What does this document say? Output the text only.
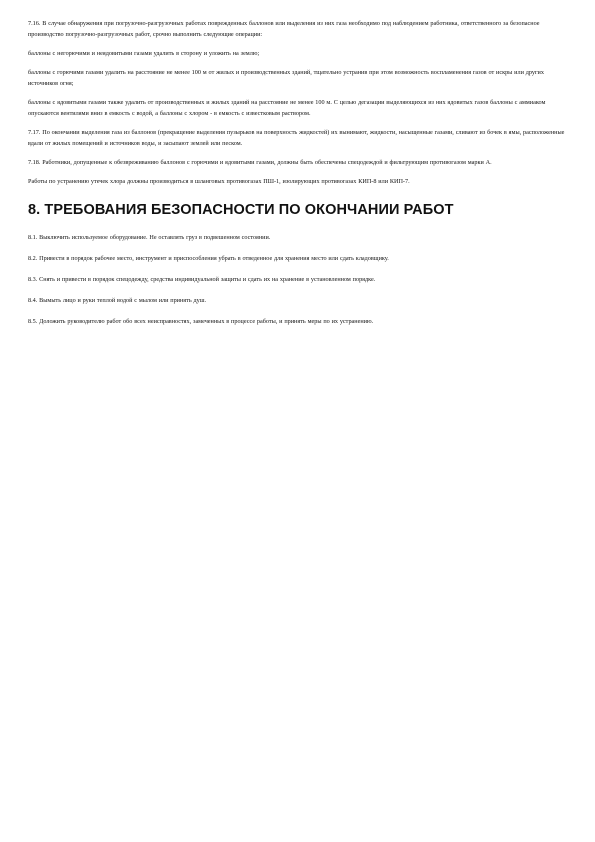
7.16. В случае обнаружения при погрузочно-разгрузочных работах поврежденных баллонов или выделения из них газа необходимо под наблюдением работника, ответственного за безопасное производство погрузочно-разгрузочных работ, срочно выполнить следующие операции:

баллоны с негорючими и неядовитыми газами удалить в сторону и уложить на землю;

баллоны с горючими газами удалить на расстояние не менее 100 м от жилых и производственных зданий, тщательно устранив при этом возможность воспламенения газов от искры или других источников огня;

баллоны с ядовитыми газами также удалить от производственных и жилых зданий на расстояние не менее 100 м. С целью дегазации выделяющихся из них ядовитых газов баллоны с аммиаком опускаются вентилями вниз в емкость с водой, а баллоны с хлором - в емкость с известковым раствором.

7.17. По окончании выделения газа из баллонов (прекращение выделения пузырьков на поверхность жидкостей) их вынимают, жидкости, насыщенные газами, сливают из бочек в ямы, расположенные вдали от жилых помещений и источников воды, и засыпают землей или песком.

7.18. Работники, допущенные к обезвреживанию баллонов с горючими и ядовитыми газами, должны быть обеспечены спецодеждой и фильтрующим противогазом марки А.

Работы по устранению утечек хлора должны производиться в шланговых противогазах ПШ-1, изолирующих противогазах КИП-8 или КИП-7.

8. ТРЕБОВАНИЯ БЕЗОПАСНОСТИ ПО ОКОНЧАНИИ РАБОТ

8.1. Выключить используемое оборудование. Не оставлять груз в подвешенном состоянии.

8.2. Привести в порядок рабочее место, инструмент и приспособления убрать в отведенное для хранения место или сдать кладовщику.

8.3. Снять и привести в порядок спецодежду, средства индивидуальной защиты и сдать их на хранение в установленном порядке.

8.4. Вымыть лицо и руки теплой водой с мылом или принять душ.

8.5. Доложить руководителю работ обо всех неисправностях, замеченных в процессе работы, и принять меры по их устранению.
